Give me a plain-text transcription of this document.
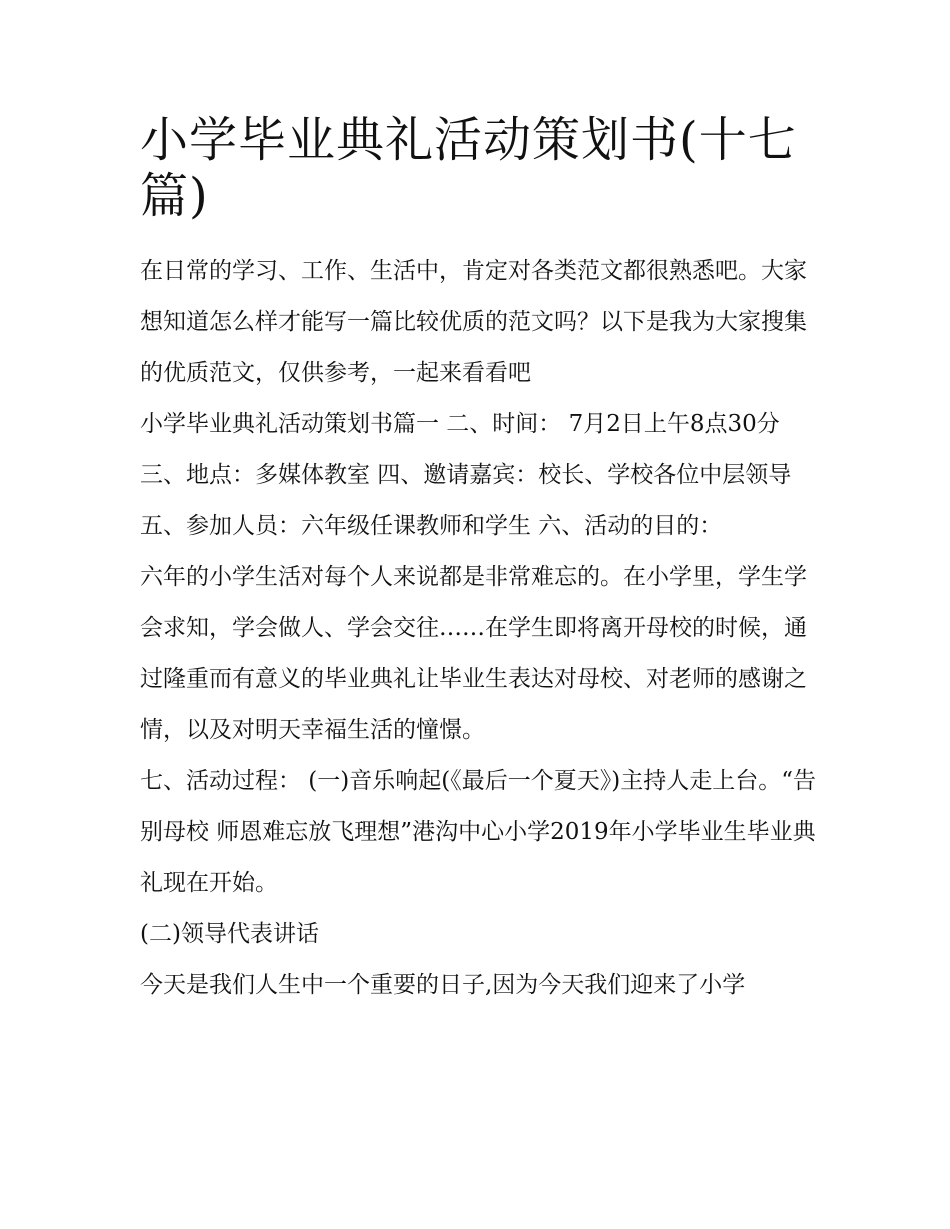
小学毕业典礼活动策划书(十七
篇)

在日常的学习、工作、生活中，肯定对各类范文都很熟悉吧。大家想知道怎么样才能写一篇比较优质的范文吗？以下是我为大家搜集的优质范文，仅供参考，一起来看看吧

小学毕业典礼活动策划书篇一 二、时间： 7月2日上午8点30分 三、地点：多媒体教室 四、邀请嘉宾：校长、学校各位中层领导

五、参加人员：六年级任课教师和学生 六、活动的目的：

六年的小学生活对每个人来说都是非常难忘的。在小学里，学生学会求知，学会做人、学会交往……在学生即将离开母校的时候，通过隆重而有意义的毕业典礼让毕业生表达对母校、对老师的感谢之情，以及对明天幸福生活的憧憬。

七、活动过程： (一)音乐响起(《最后一个夏天》)主持人走上台。“告别母校 师恩难忘放飞理想”港沟中心小学2019年小学毕业生毕业典礼现在开始。

(二)领导代表讲话

今天是我们人生中一个重要的日子,因为今天我们迎来了小学
